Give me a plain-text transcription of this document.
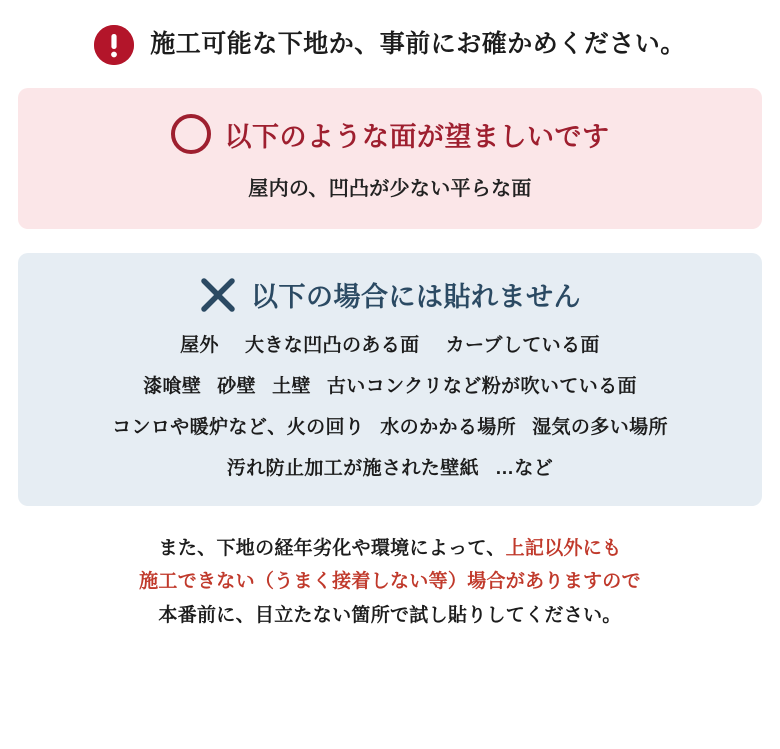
施工可能な下地か、事前にお確かめください。
以下のような面が望ましいです
屋内の、凹凸が少ない平らな面
以下の場合には貼れません
屋外 大きな凹凸のある面 カーブしている面
漆喰壁 砂壁 土壁 古いコンクリなど粉が吹いている面
コンロや暖炉など、火の回り 水のかかる場所 湿気の多い場所
汚れ防止加工が施された壁紙 …など
また、下地の経年劣化や環境によって、上記以外にも
施工できない（うまく接着しない等）場合がありますので
本番前に、目立たない箇所で試し貼りしてください。
